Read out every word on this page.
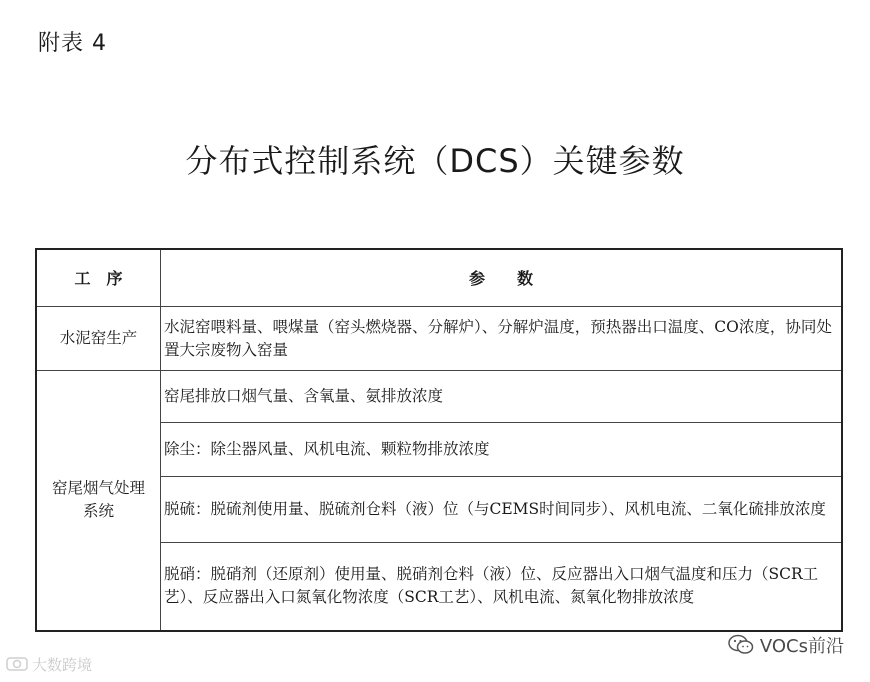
附表 4
分布式控制系统（DCS）关键参数
工　序	参　　数
水泥窑生产	水泥窑喂料量、喂煤量（窑头燃烧器、分解炉）、分解炉温度，预热器出口温度、CO浓度，协同处置大宗废物入窑量
窑尾烟气处理系统	窑尾排放口烟气量、含氧量、氨排放浓度
	除尘：除尘器风量、风机电流、颗粒物排放浓度
	脱硫：脱硫剂使用量、脱硫剂仓料（液）位（与CEMS时间同步）、风机电流、二氧化硫排放浓度
	脱硝：脱硝剂（还原剂）使用量、脱硝剂仓料（液）位、反应器出入口烟气温度和压力（SCR工艺）、反应器出入口氮氧化物浓度（SCR工艺）、风机电流、氮氧化物排放浓度
大数跨境
VOCs前沿
